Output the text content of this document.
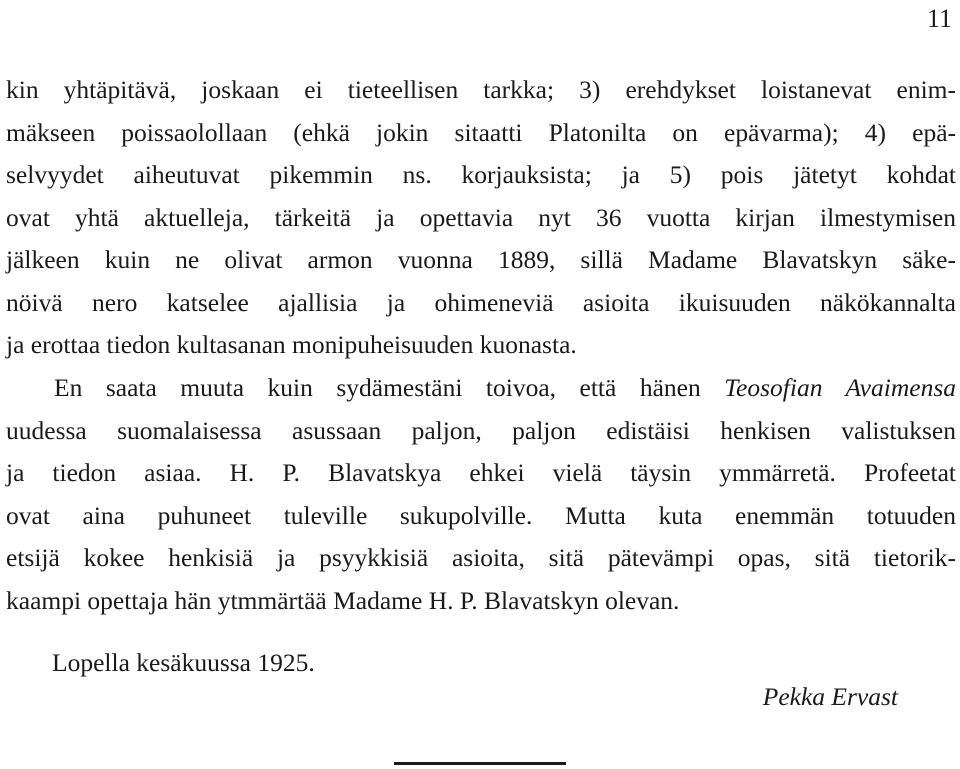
11
kin yhtäpitävä, joskaan ei tieteellisen tarkka; 3) erehdykset loistanevat enim-
mäkseen poissaolollaan (ehkä jokin sitaatti Platonilta on epävarma); 4) epä-
selvyydet aiheutuvat pikemmin ns. korjauksista; ja 5) pois jätetyt kohdat
ovat yhtä aktuelleja, tärkeitä ja opettavia nyt 36 vuotta kirjan ilmestymisen
jälkeen kuin ne olivat armon vuonna 1889, sillä Madame Blavatskyn säke-
nöivä nero katselee ajallisia ja ohimeneviä asioita ikuisuuden näkökannalta
ja erottaa tiedon kultasanan monipuheisuuden kuonasta.
En saata muuta kuin sydämestäni toivoa, että hänen Teosofian Avaimensa
uudessa suomalaisessa asussaan paljon, paljon edistäisi henkisen valistuksen
ja tiedon asiaa. H. P. Blavatskya ehkei vielä täysin ymmärretä. Profeetat
ovat aina puhuneet tuleville sukupolville. Mutta kuta enemmän totuuden
etsijä kokee henkisiä ja psyykkisiä asioita, sitä pätevämpi opas, sitä tietorik-
kaampi opettaja hän ytmmärtää Madame H. P. Blavatskyn olevan.
Lopella kesäkuussa 1925.
Pekka Ervast
